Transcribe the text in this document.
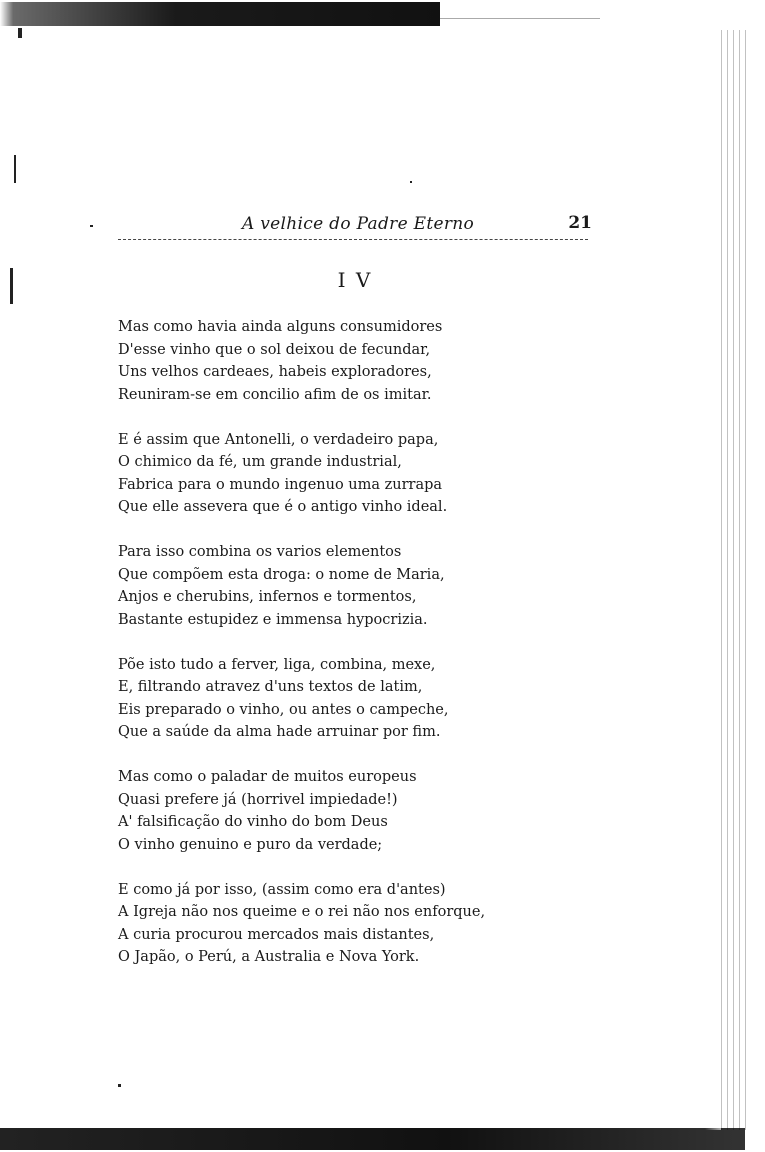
A velhice do Padre Eterno	21
I V
Mas como havia ainda alguns consumidores
D'esse vinho que o sol deixou de fecundar,
Uns velhos cardeaes, habeis exploradores,
Reuniram-se em concilio afim de os imitar.
E é assim que Antonelli, o verdadeiro papa,
O chimico da fé, um grande industrial,
Fabrica para o mundo ingenuo uma zurrapa
Que elle assevera que é o antigo vinho ideal.
Para isso combina os varios elementos
Que compõem esta droga: o nome de Maria,
Anjos e cherubins, infernos e tormentos,
Bastante estupidez e immensa hypocrizia.
Põe isto tudo a ferver, liga, combina, mexe,
E, filtrando atravez d'uns textos de latim,
Eis preparado o vinho, ou antes o campeche,
Que a saúde da alma hade arruinar por fim.
Mas como o paladar de muitos europeus
Quasi prefere já (horrivel impiedade!)
A' falsificação do vinho do bom Deus
O vinho genuino e puro da verdade;
E como já por isso, (assim como era d'antes)
A Igreja não nos queime e o rei não nos enforque,
A curia procurou mercados mais distantes,
O Japão, o Perú, a Australia e Nova York.
